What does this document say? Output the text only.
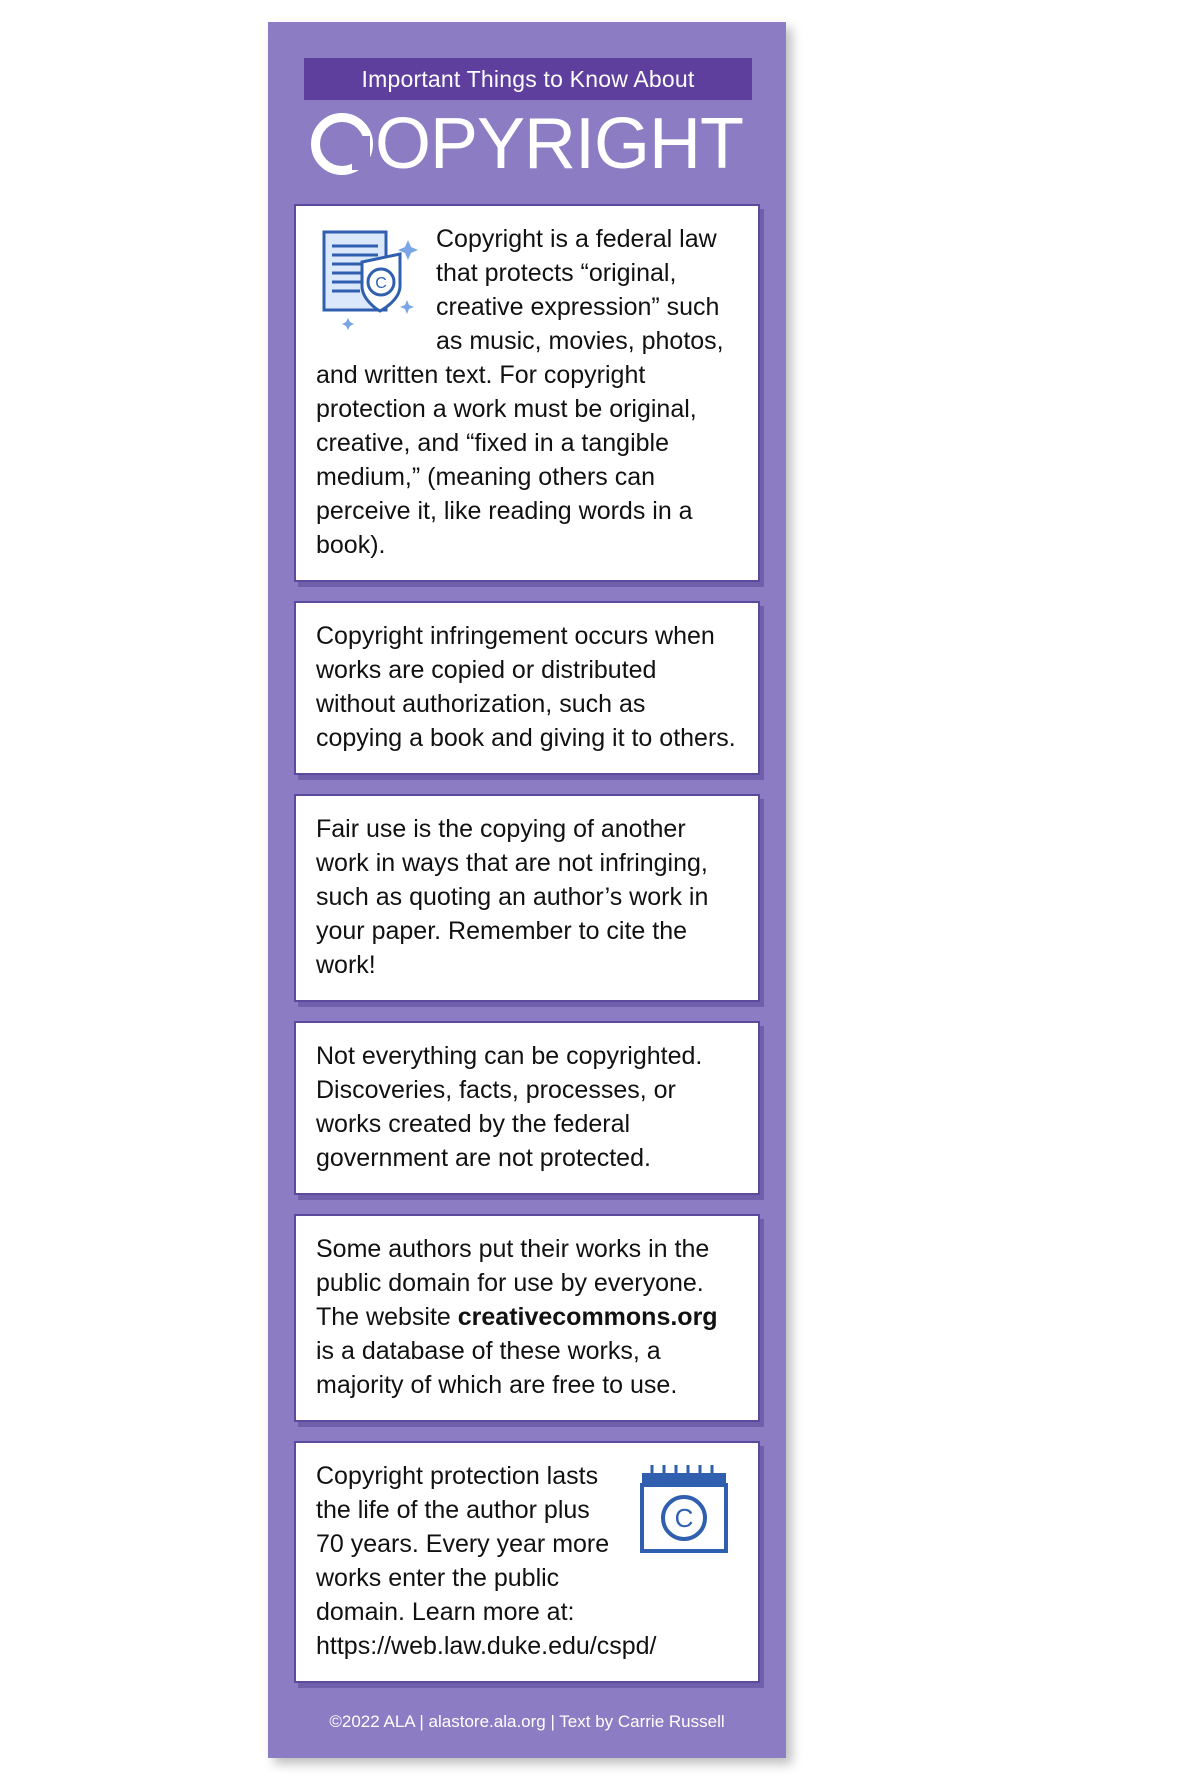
Important Things to Know About
OPYRIGHT
C

Copyright is a federal law that protects “original, creative expression” such as music, movies, photos, and written text. For copyright protection a work must be original, creative, and “fixed in a tangible medium,” (meaning others can perceive it, like reading words in a book).

Copyright infringement occurs when works are copied or distributed without authorization, such as copying a book and giving it to others.

Fair use is the copying of another work in ways that are not infringing, such as quoting an author’s work in your paper. Remember to cite the work!

Not everything can be copyrighted. Discoveries, facts, processes, or works created by the federal government are not protected.

Some authors put their works in the public domain for use by everyone. The website creativecommons.org is a database of these works, a majority of which are free to use.

C

Copyright protection lasts the life of the author plus 70 years. Every year more works enter the public domain. Learn more at: https://web.law.duke.edu/cspd/

©2022 ALA | alastore.ala.org | Text by Carrie Russell
